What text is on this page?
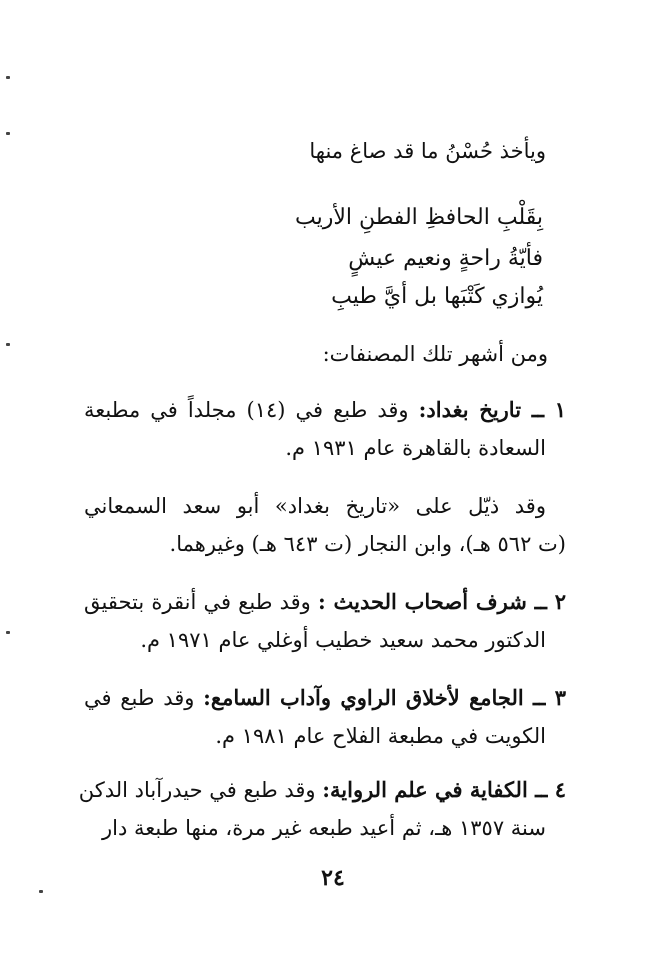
ويأخذ حُسْنُ ما قد صاغ منها
بِقَلْبِ الحافظِ الفطنِ الأريب
فأيّةُ راحةٍ ونعيم عيشٍ
يُوازي كَتْبَها بل أيَّ طيبِ
ومن أشهر تلك المصنفات:
١ ــ تاريخ بغداد: وقد طبع في (١٤) مجلداً في مطبعة
السعادة بالقاهرة عام ١٩٣١ م.
وقد ذيّل على «تاريخ بغداد» أبو سعد السمعاني
(ت ٥٦٢ هـ)، وابن النجار (ت ٦٤٣ هـ) وغيرهما.
٢ ــ شرف أصحاب الحديث : وقد طبع في أنقرة بتحقيق
الدكتور محمد سعيد خطيب أوغلي عام ١٩٧١ م.
٣ ــ الجامع لأخلاق الراوي وآداب السامع: وقد طبع في
الكويت في مطبعة الفلاح عام ١٩٨١ م.
٤ ــ الكفاية في علم الرواية: وقد طبع في حيدرآباد الدكن
سنة ١٣٥٧ هـ، ثم أعيد طبعه غير مرة، منها طبعة دار
٢٤
